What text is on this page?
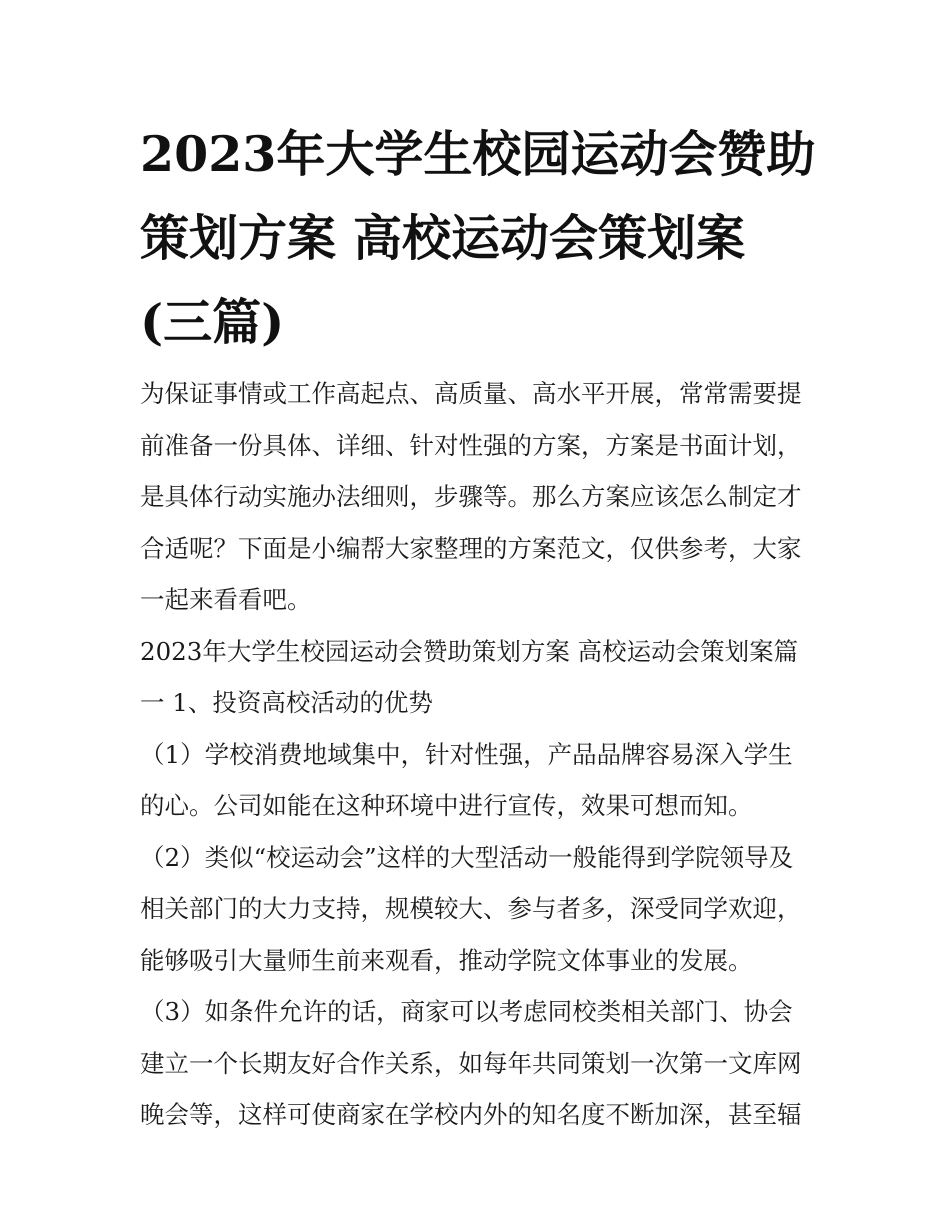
2023年大学生校园运动会赞助
策划方案 高校运动会策划案
(三篇)

为保证事情或工作高起点、高质量、高水平开展，常常需要提
前准备一份具体、详细、针对性强的方案，方案是书面计划，
是具体行动实施办法细则，步骤等。那么方案应该怎么制定才
合适呢？下面是小编帮大家整理的方案范文，仅供参考，大家
一起来看看吧。

2023年大学生校园运动会赞助策划方案 高校运动会策划案篇
一 1、投资高校活动的优势

（1）学校消费地域集中，针对性强，产品品牌容易深入学生
的心。公司如能在这种环境中进行宣传，效果可想而知。

（2）类似“校运动会”这样的大型活动一般能得到学院领导及
相关部门的大力支持，规模较大、参与者多，深受同学欢迎，
能够吸引大量师生前来观看，推动学院文体事业的发展。

（3）如条件允许的话，商家可以考虑同校类相关部门、协会
建立一个长期友好合作关系，如每年共同策划一次第一文库网
晚会等，这样可使商家在学校内外的知名度不断加深，甚至辐
